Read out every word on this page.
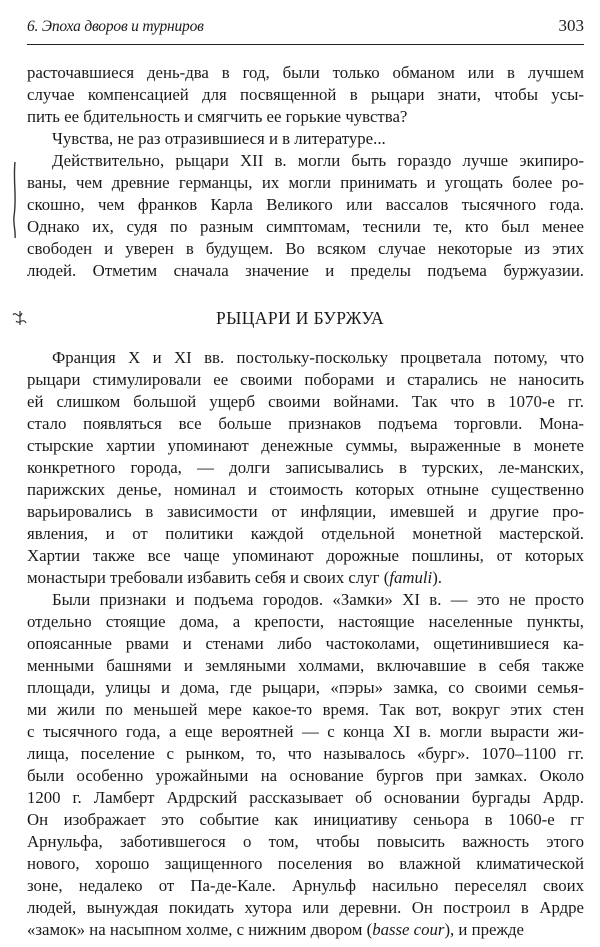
6. Эпоха дворов и турниров	303
расточавшиеся день-два в год, были только обманом или в лучшем
случае компенсацией для посвященной в рыцари знати, чтобы усы-
пить ее бдительность и смягчить ее горькие чувства?
Чувства, не раз отразившиеся и в литературе...
Действительно, рыцари XII в. могли быть гораздо лучше экипиро-
ваны, чем древние германцы, их могли принимать и угощать более ро-
скошно, чем франков Карла Великого или вассалов тысячного года.
Однако их, судя по разным симптомам, теснили те, кто был менее
свободен и уверен в будущем. Во всяком случае некоторые из этих
людей. Отметим сначала значение и пределы подъема буржуазии.
РЫЦАРИ И БУРЖУА
Франция X и XI вв. постольку-поскольку процветала потому, что
рыцари стимулировали ее своими поборами и старались не наносить
ей слишком большой ущерб своими войнами. Так что в 1070-е гг.
стало появляться все больше признаков подъема торговли. Мона-
стырские хартии упоминают денежные суммы, выраженные в монете
конкретного города, — долги записывались в турских, ле-манских,
парижских денье, номинал и стоимость которых отныне существенно
варьировались в зависимости от инфляции, имевшей и другие про-
явления, и от политики каждой отдельной монетной мастерской.
Хартии также все чаще упоминают дорожные пошлины, от которых
монастыри требовали избавить себя и своих слуг (famuli).
Были признаки и подъема городов. «Замки» XI в. — это не просто
отдельно стоящие дома, а крепости, настоящие населенные пункты,
опоясанные рвами и стенами либо частоколами, ощетинившиеся ка-
менными башнями и земляными холмами, включавшие в себя также
площади, улицы и дома, где рыцари, «пэры» замка, со своими семья-
ми жили по меньшей мере какое-то время. Так вот, вокруг этих стен
с тысячного года, а еще вероятней — с конца XI в. могли вырасти жи-
лища, поселение с рынком, то, что называлось «бург». 1070–1100 гг.
были особенно урожайными на основание бургов при замках. Около
1200 г. Ламберт Ардрский рассказывает об основании бургады Ардр.
Он изображает это событие как инициативу сеньора в 1060-е гг
Арнульфа, заботившегося о том, чтобы повысить важность этого
нового, хорошо защищенного поселения во влажной климатической
зоне, недалеко от Па-де-Кале. Арнульф насильно переселял своих
людей, вынуждая покидать хутора или деревни. Он построил в Ардре
«замок» на насыпном холме, с нижним двором (basse cour), и прежде
